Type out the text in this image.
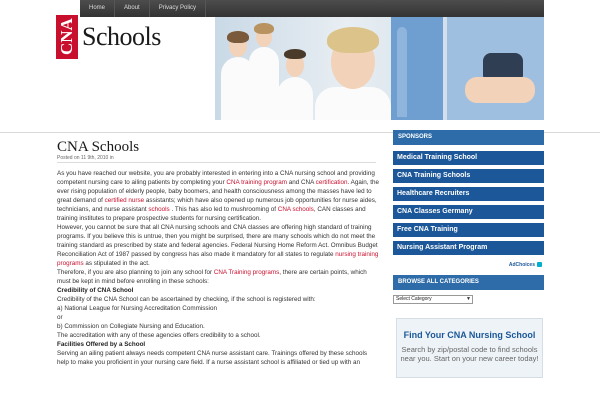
Home	About	Privacy Policy
CNA Schools
CNA Schools
Posted on 11 9th, 2010 in

As you have reached our website, you are probably interested in entering into a CNA nursing school and providing competent nursing care to ailing patients by completing your CNA training program and CNA certification. Again, the ever rising population of elderly people, baby boomers, and health consciousness among the masses have led to great demand of certified nurse assistants; which have also opened up numerous job opportunities for nurse aides, technicians, and nurse assistant schools . This has also led to mushrooming of CNA schools, CAN classes and training institutes to prepare prospective students for nursing certification.

However, you cannot be sure that all CNA nursing schools and CNA classes are offering high standard of training programs. If you believe this is untrue, then you might be surprised, there are many schools which do not meet the training standard as prescribed by state and federal agencies. Federal Nursing Home Reform Act. Omnibus Budget Reconciliation Act of 1987 passed by congress has also made it mandatory for all states to regulate nursing training programs as stipulated in the act.

Therefore, if you are also planning to join any school for CNA Training programs, there are certain points, which must be kept in mind before enrolling in these schools:

Credibility of CNA School

Credibility of the CNA School can be ascertained by checking, if the school is registered with:

a) National League for Nursing Accreditation Commission

or

b) Commission on Collegiate Nursing and Education.

The accreditation with any of these agencies offers credibility to a school.

Facilities Offered by a School

Serving an ailing patient always needs competent CNA nurse assistant care. Trainings offered by these schools help to make you proficient in your nursing care field. If a nurse assistant school is affiliated or tied up with an

SPONSORS
Medical Training School
CNA Training Schools
Healthcare Recruiters
CNA Classes Germany
Free CNA Training
Nursing Assistant Program
AdChoices
BROWSE ALL CATEGORIES
Select Category	▼
Find Your CNA Nursing School
Search by zip/postal code to find schools near you. Start on your new career today!
